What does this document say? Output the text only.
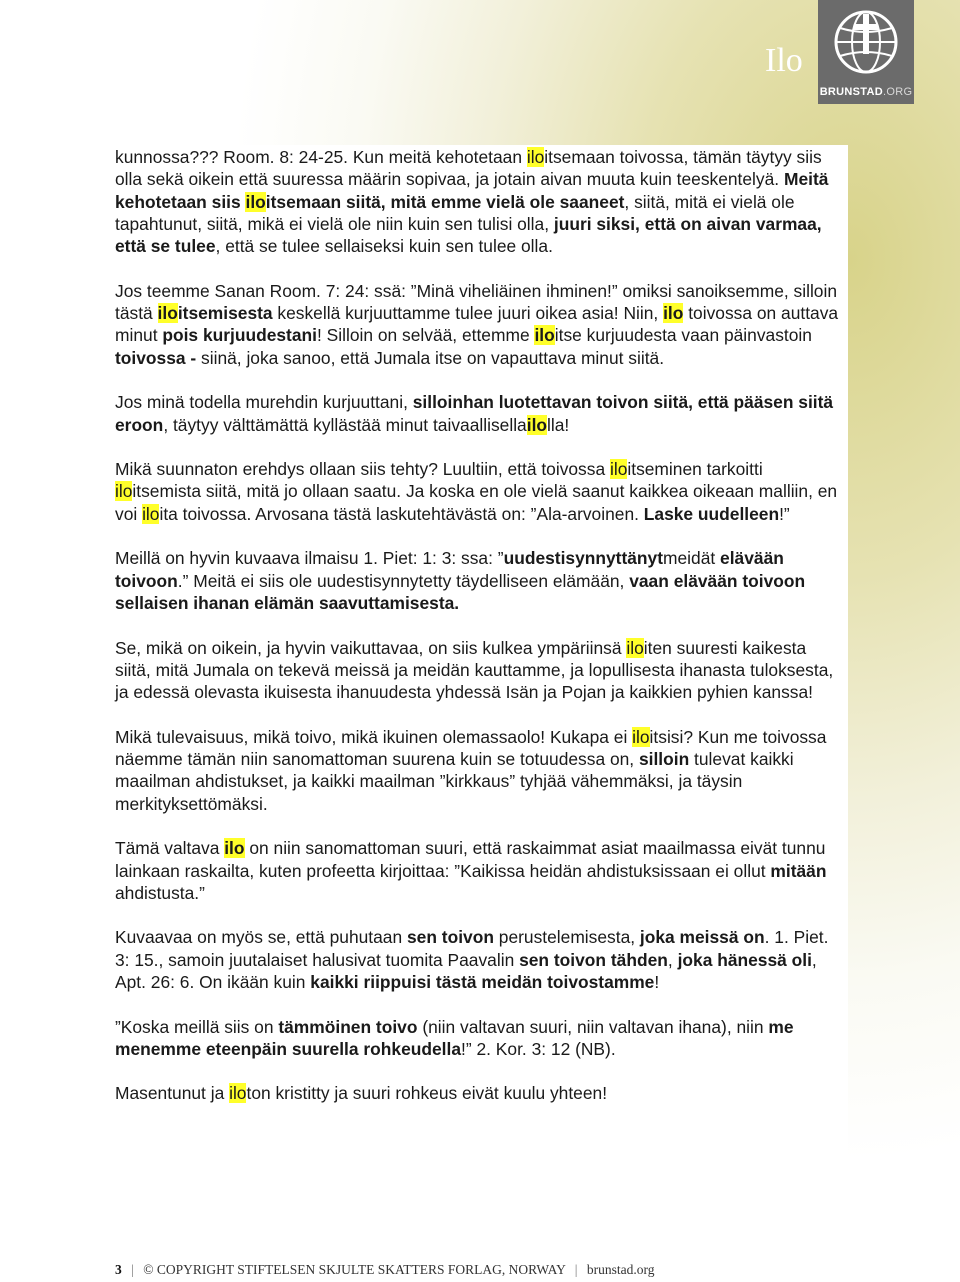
Ilo
BRUNSTAD.ORG

kunnossa??? Room. 8: 24-25. Kun meitä kehotetaan iloitsemaan toivossa, tämän täytyy siis olla sekä oikein että suuressa määrin sopivaa, ja jotain aivan muuta kuin teeskentelyä. Meitä kehotetaan siis iloitsemaan siitä, mitä emme vielä ole saaneet, siitä, mitä ei vielä ole tapahtunut, siitä, mikä ei vielä ole niin kuin sen tulisi olla, juuri siksi, että on aivan varmaa, että se tulee, että se tulee sellaiseksi kuin sen tulee olla.

Jos teemme Sanan Room. 7: 24: ssä: ”Minä viheliäinen ihminen!” omiksi sanoiksemme, silloin tästä iloitsemisesta keskellä kurjuuttamme tulee juuri oikea asia! Niin, ilo toivossa on auttava minut pois kurjuudestani! Silloin on selvää, ettemme iloitse kurjuudesta vaan päinvastoin toivossa - siinä, joka sanoo, että Jumala itse on vapauttava minut siitä.

Jos minä todella murehdin kurjuuttani, silloinhan luotettavan toivon siitä, että pääsen siitä eroon, täytyy välttämättä kyllästää minut taivaallisellailolla!

Mikä suunnaton erehdys ollaan siis tehty? Luultiin, että toivossa iloitseminen tarkoitti iloitsemista siitä, mitä jo ollaan saatu. Ja koska en ole vielä saanut kaikkea oikeaan malliin, en voi iloita toivossa. Arvosana tästä laskutehtävästä on: ”Ala-arvoinen. Laske uudelleen!”

Meillä on hyvin kuvaava ilmaisu 1. Piet: 1: 3: ssa: ”uudestisynnyttänytmeidät elävään toivoon.” Meitä ei siis ole uudestisynnytetty täydelliseen elämään, vaan elävään toivoon sellaisen ihanan elämän saavuttamisesta.

Se, mikä on oikein, ja hyvin vaikuttavaa, on siis kulkea ympäriinsä iloiten suuresti kaikesta siitä, mitä Jumala on tekevä meissä ja meidän kauttamme, ja lopullisesta ihanasta tuloksesta, ja edessä olevasta ikuisesta ihanuudesta yhdessä Isän ja Pojan ja kaikkien pyhien kanssa!

Mikä tulevaisuus, mikä toivo, mikä ikuinen olemassaolo! Kukapa ei iloitsisi? Kun me toivossa näemme tämän niin sanomattoman suurena kuin se totuudessa on, silloin tulevat kaikki maailman ahdistukset, ja kaikki maailman ”kirkkaus” tyhjää vähemmäksi, ja täysin merkityksettömäksi.

Tämä valtava ilo on niin sanomattoman suuri, että raskaimmat asiat maailmassa eivät tunnu lainkaan raskailta, kuten profeetta kirjoittaa: ”Kaikissa heidän ahdistuksissaan ei ollut mitään ahdistusta.”

Kuvaavaa on myös se, että puhutaan sen toivon perustelemisesta, joka meissä on. 1. Piet. 3: 15., samoin juutalaiset halusivat tuomita Paavalin sen toivon tähden, joka hänessä oli, Apt. 26: 6. On ikään kuin kaikki riippuisi tästä meidän toivostamme!

”Koska meillä siis on tämmöinen toivo (niin valtavan suuri, niin valtavan ihana), niin me menemme eteenpäin suurella rohkeudella!” 2. Kor. 3: 12 (NB).

Masentunut ja iloton kristitty ja suuri rohkeus eivät kuulu yhteen!

3 | © COPYRIGHT STIFTELSEN SKJULTE SKATTERS FORLAG, NORWAY | brunstad.org
